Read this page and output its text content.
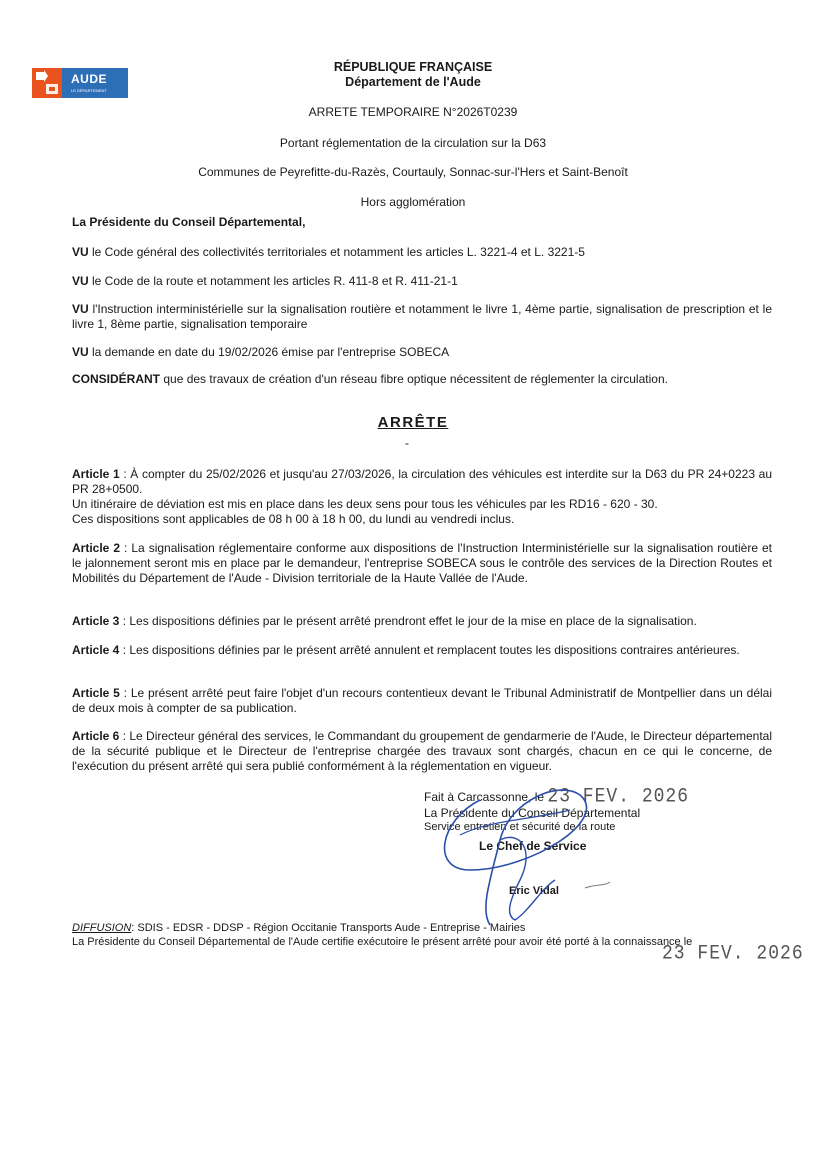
AUDE
LE DÉPARTEMENT
RÉPUBLIQUE FRANÇAISE
Département de l'Aude
ARRETE TEMPORAIRE N°2026T0239
Portant réglementation de la circulation sur la D63
Communes de Peyrefitte-du-Razès, Courtauly, Sonnac-sur-l'Hers et Saint-Benoît
Hors agglomération
La Présidente du Conseil Départemental,
VU le Code général des collectivités territoriales et notamment les articles L. 3221-4 et L. 3221-5
VU le Code de la route et notamment les articles R. 411-8 et R. 411-21-1
VU l'Instruction interministérielle sur la signalisation routière et notamment le livre 1, 4ème partie, signalisation de prescription et le livre 1, 8ème partie, signalisation temporaire
VU la demande en date du 19/02/2026 émise par l'entreprise SOBECA
CONSIDÉRANT que des travaux de création d'un réseau fibre optique nécessitent de réglementer la circulation.
ARRÊTE
-
Article 1 : À compter du 25/02/2026 et jusqu'au 27/03/2026, la circulation des véhicules est interdite sur la D63 du PR 24+0223 au PR 28+0500.
Un itinéraire de déviation est mis en place dans les deux sens pour tous les véhicules par les RD16 - 620 - 30.
Ces dispositions sont applicables de 08 h 00 à 18 h 00, du lundi au vendredi inclus.
Article 2 : La signalisation réglementaire conforme aux dispositions de l'Instruction Interministérielle sur la signalisation routière et le jalonnement seront mis en place par le demandeur, l'entreprise SOBECA sous le contrôle des services de la Direction Routes et Mobilités du Département de l'Aude - Division territoriale de la Haute Vallée de l'Aude.
Article 3 : Les dispositions définies par le présent arrêté prendront effet le jour de la mise en place de la signalisation.
Article 4 : Les dispositions définies par le présent arrêté annulent et remplacent toutes les dispositions contraires antérieures.
Article 5 : Le présent arrêté peut faire l'objet d'un recours contentieux devant le Tribunal Administratif de Montpellier dans un délai de deux mois à compter de sa publication.
Article 6 : Le Directeur général des services, le Commandant du groupement de gendarmerie de l'Aude, le Directeur départemental de la sécurité publique et le Directeur de l'entreprise chargée des travaux sont chargés, chacun en ce qui le concerne, de l'exécution du présent arrêté qui sera publié conformément à la réglementation en vigueur.
Fait à Carcassonne, le 23 FEV. 2026
La Présidente du Conseil Départemental
Service entretien et sécurité de la route
Le Chef de Service
Eric Vidal
DIFFUSION: SDIS - EDSR - DDSP - Région Occitanie Transports Aude - Entreprise - Mairies
La Présidente du Conseil Départemental de l'Aude certifie exécutoire le présent arrêté pour avoir été porté à la connaissance le
23 FEV. 2026
